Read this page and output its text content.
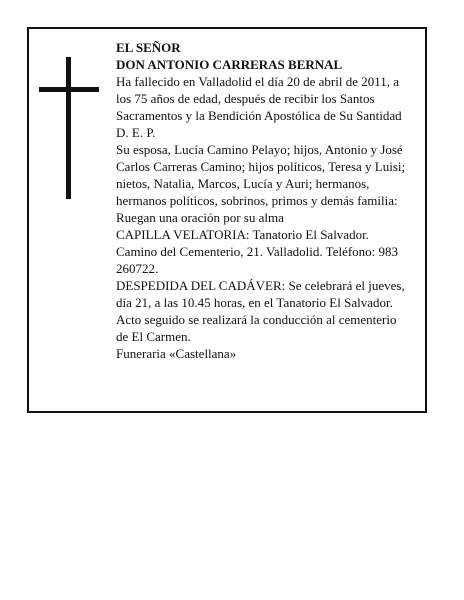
EL SEÑOR

DON ANTONIO CARRERAS BERNAL

Ha fallecido en Valladolid el día 20 de abril de 2011, a
los 75 años de edad, después de recibir los Santos
Sacramentos y la Bendición Apostólica de Su Santidad
D. E. P.

Su esposa, Lucía Camino Pelayo; hijos, Antonio y José
Carlos Carreras Camino; hijos políticos, Teresa y Luisi;
nietos, Natalia, Marcos, Lucía y Auri; hermanos,
hermanos políticos, sobrinos, primos y demás familia:
Ruegan una oración por su alma

CAPILLA VELATORIA: Tanatorio El Salvador.
Camino del Cementerio, 21. Valladolid. Teléfono: 983
260722.

DESPEDIDA DEL CADÁVER: Se celebrará el jueves,
día 21, a las 10.45 horas, en el Tanatorio El Salvador.
Acto seguido se realizará la conducción al cementerio
de El Carmen.

Funeraria «Castellana»
